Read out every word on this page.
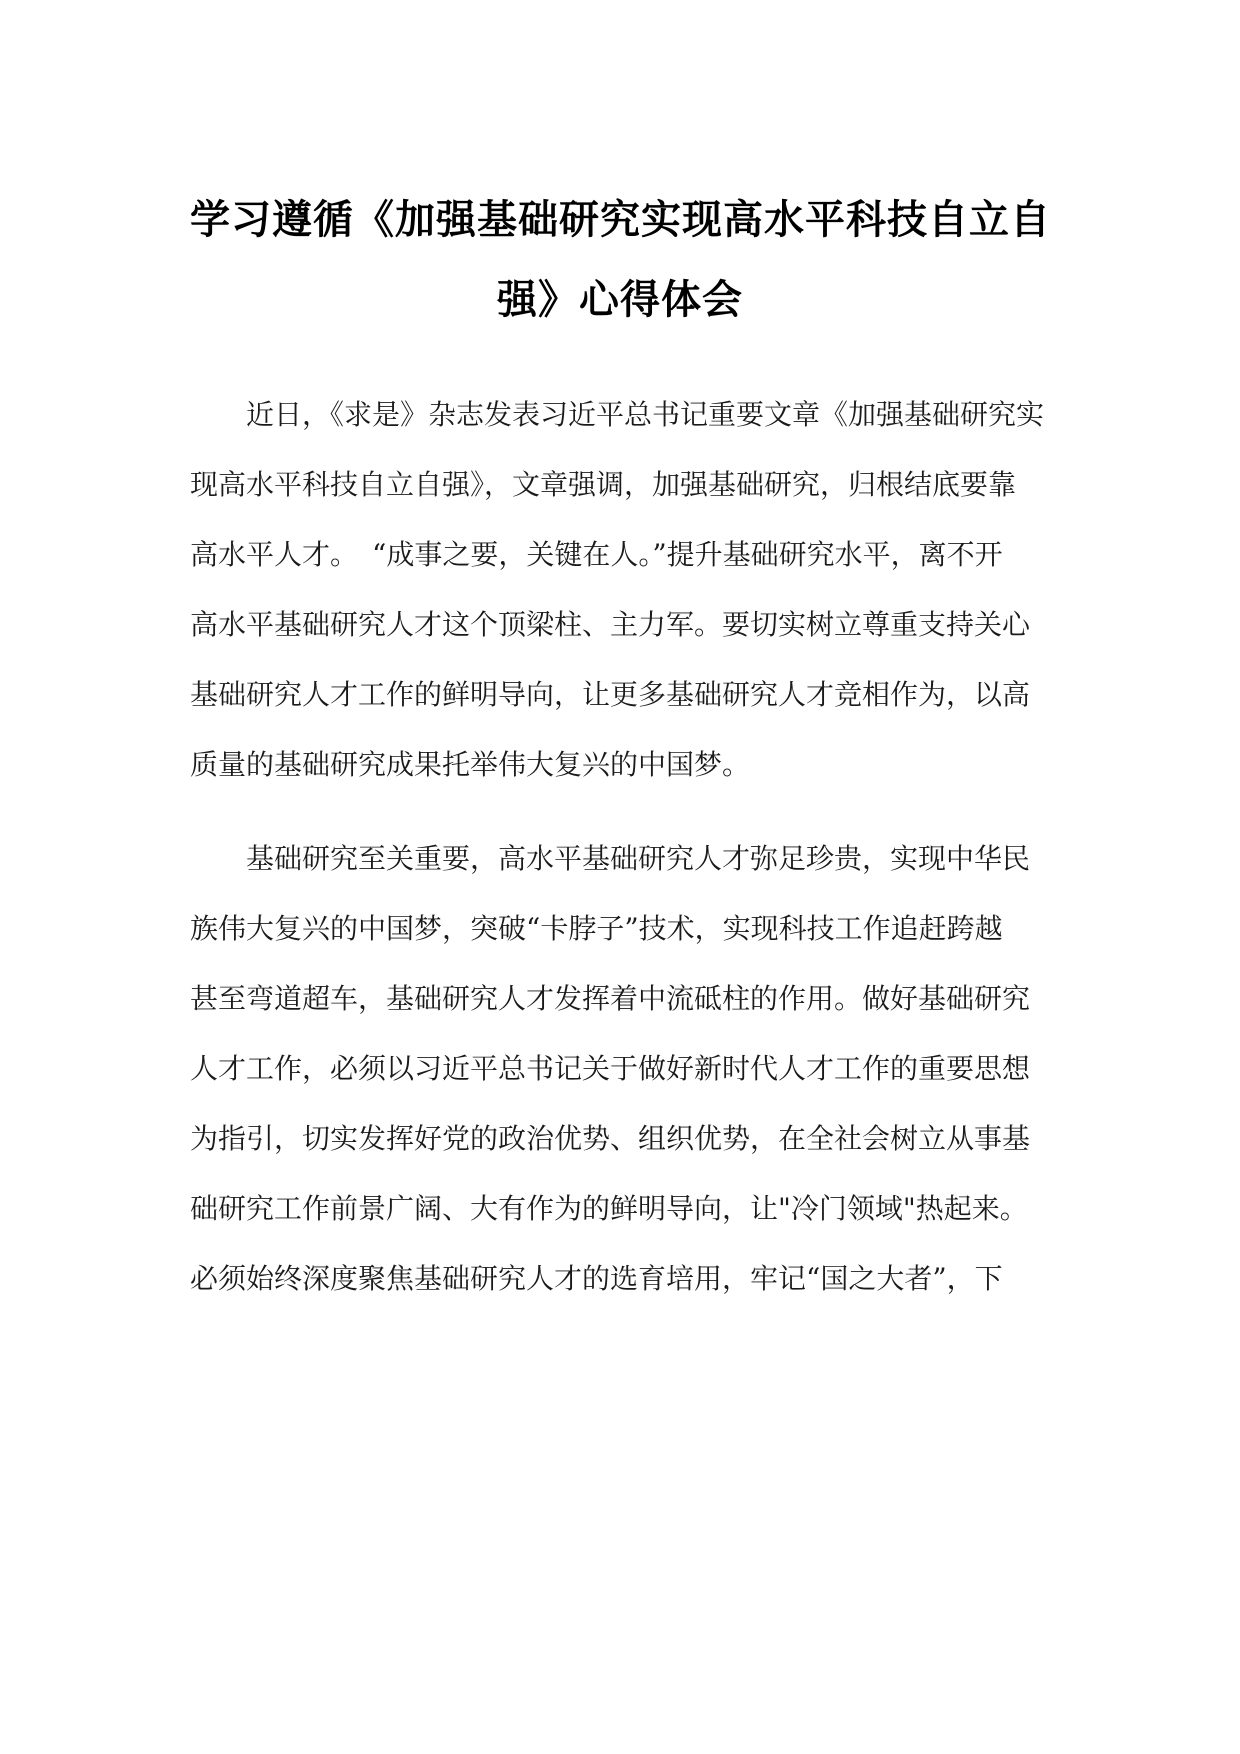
学习遵循《加强基础研究实现高水平科技自立自
强》心得体会
　　近日，《求是》杂志发表习近平总书记重要文章《加强基础研究实
现高水平科技自立自强》，文章强调，加强基础研究，归根结底要靠
高水平人才。　“成事之要，关键在人。”提升基础研究水平，离不开
高水平基础研究人才这个顶梁柱、主力军。要切实树立尊重支持关心
基础研究人才工作的鲜明导向，让更多基础研究人才竞相作为，以高
质量的基础研究成果托举伟大复兴的中国梦。
　　基础研究至关重要，高水平基础研究人才弥足珍贵，实现中华民
族伟大复兴的中国梦，突破“卡脖子”技术，实现科技工作追赶跨越
甚至弯道超车，基础研究人才发挥着中流砥柱的作用。做好基础研究
人才工作，必须以习近平总书记关于做好新时代人才工作的重要思想
为指引，切实发挥好党的政治优势、组织优势，在全社会树立从事基
础研究工作前景广阔、大有作为的鲜明导向，让"冷门领域"热起来。
必须始终深度聚焦基础研究人才的选育培用，牢记“国之大者”，下
